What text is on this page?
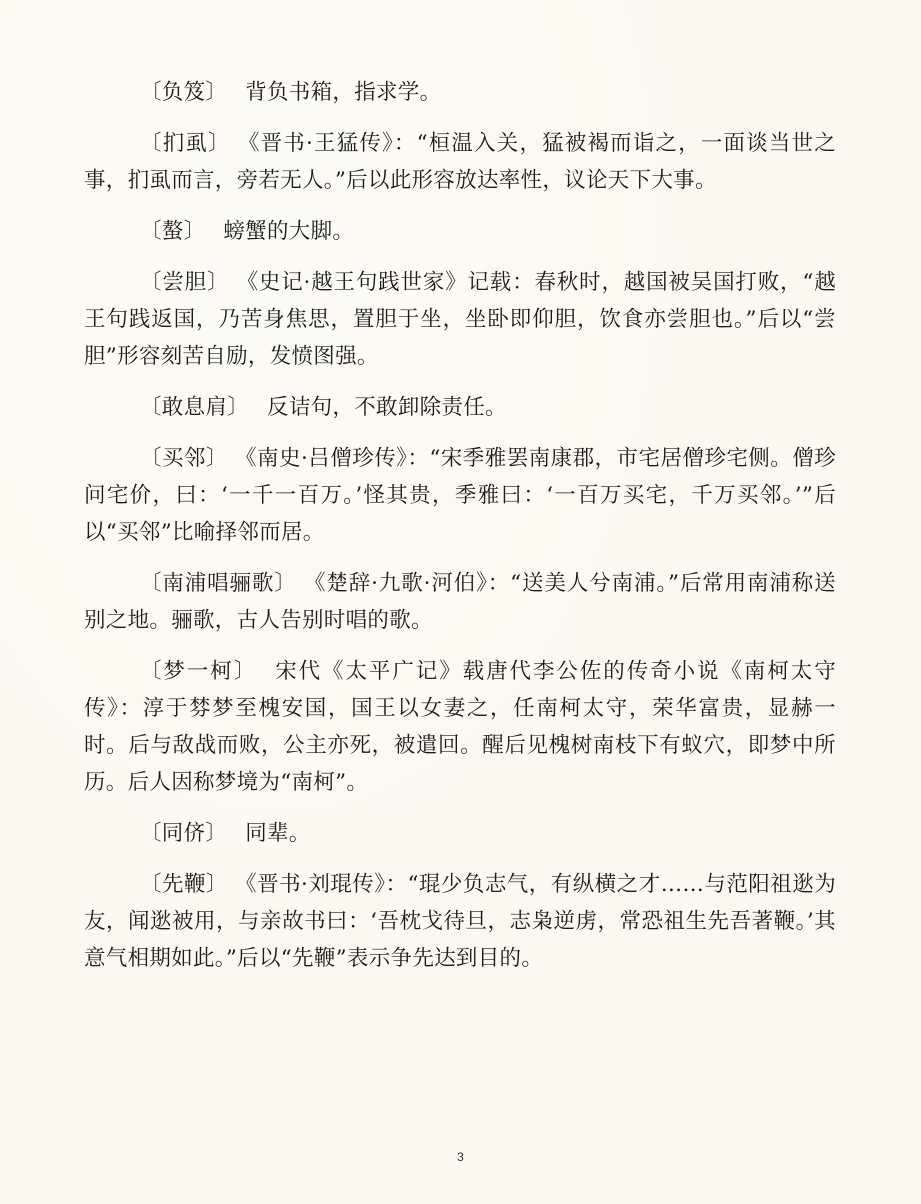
〔负笈〕 背负书箱，指求学。

〔扪虱〕 《晋书·王猛传》：“桓温入关，猛被褐而诣之，一面谈当世之事，扪虱而言，旁若无人。”后以此形容放达率性，议论天下大事。

〔螯〕 螃蟹的大脚。

〔尝胆〕 《史记·越王句践世家》记载：春秋时，越国被吴国打败，“越王句践返国，乃苦身焦思，置胆于坐，坐卧即仰胆，饮食亦尝胆也。”后以“尝胆”形容刻苦自励，发愤图强。

〔敢息肩〕 反诘句，不敢卸除责任。

〔买邻〕 《南史·吕僧珍传》：“宋季雅罢南康郡，市宅居僧珍宅侧。僧珍问宅价，曰：‘一千一百万。’怪其贵，季雅曰：‘一百万买宅，千万买邻。’”后以“买邻”比喻择邻而居。

〔南浦唱骊歌〕 《楚辞·九歌·河伯》：“送美人兮南浦。”后常用南浦称送别之地。骊歌，古人告别时唱的歌。

〔梦一柯〕 宋代《太平广记》载唐代李公佐的传奇小说《南柯太守传》：淳于棼梦至槐安国，国王以女妻之，任南柯太守，荣华富贵，显赫一时。后与敌战而败，公主亦死，被遣回。醒后见槐树南枝下有蚁穴，即梦中所历。后人因称梦境为“南柯”。

〔同侪〕 同辈。

〔先鞭〕 《晋书·刘琨传》：“琨少负志气，有纵横之才……与范阳祖逖为友，闻逖被用，与亲故书曰：‘吾枕戈待旦，志枭逆虏，常恐祖生先吾著鞭。’其意气相期如此。”后以“先鞭”表示争先达到目的。

3
